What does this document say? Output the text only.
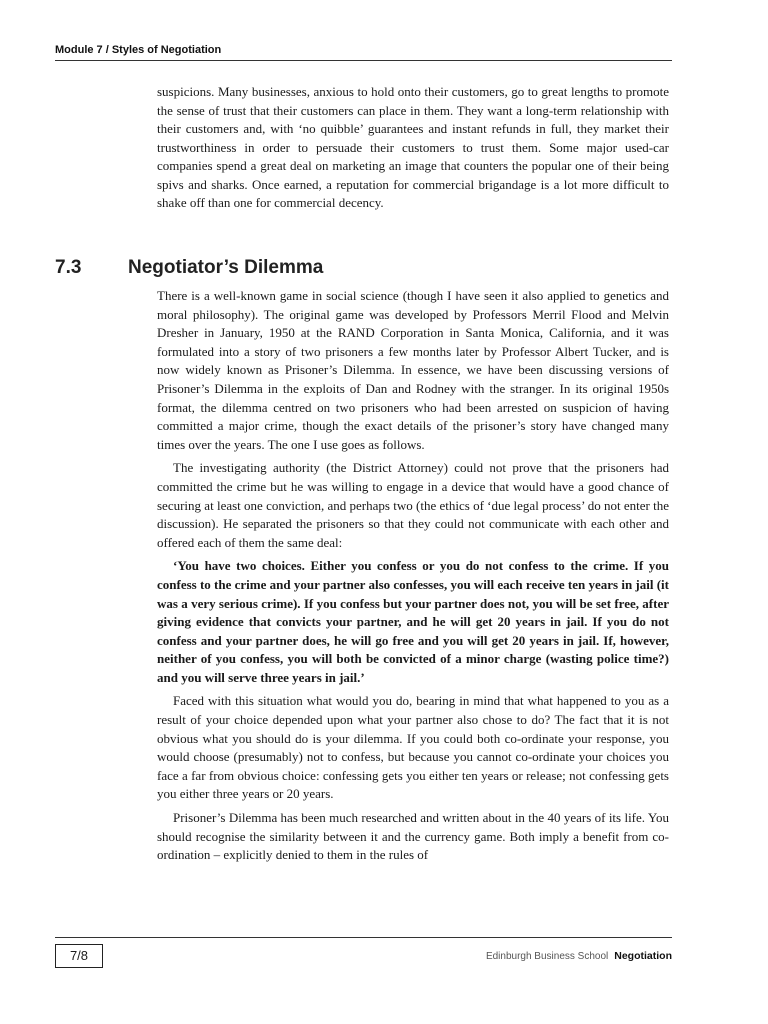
Module 7 / Styles of Negotiation

suspicions. Many businesses, anxious to hold onto their customers, go to great lengths to promote the sense of trust that their customers can place in them. They want a long-term relationship with their customers and, with ‘no quibble’ guarantees and instant refunds in full, they market their trustworthiness in order to persuade their customers to trust them. Some major used-car companies spend a great deal on marketing an image that counters the popular one of their being spivs and sharks. Once earned, a reputation for commercial brigandage is a lot more difficult to shake off than one for commercial decency.

7.3 Negotiator’s Dilemma

There is a well-known game in social science (though I have seen it also applied to genetics and moral philosophy). The original game was developed by Professors Merril Flood and Melvin Dresher in January, 1950 at the RAND Corporation in Santa Monica, California, and it was formulated into a story of two prisoners a few months later by Professor Albert Tucker, and is now widely known as Prisoner’s Dilemma. In essence, we have been discussing versions of Prisoner’s Dilemma in the exploits of Dan and Rodney with the stranger. In its original 1950s format, the dilemma centred on two prisoners who had been arrested on suspicion of having committed a major crime, though the exact details of the prisoner’s story have changed many times over the years. The one I use goes as follows.

The investigating authority (the District Attorney) could not prove that the prisoners had committed the crime but he was willing to engage in a device that would have a good chance of securing at least one conviction, and perhaps two (the ethics of ‘due legal process’ do not enter the discussion). He separated the prisoners so that they could not communicate with each other and offered each of them the same deal:

‘You have two choices. Either you confess or you do not confess to the crime. If you confess to the crime and your partner also confesses, you will each receive ten years in jail (it was a very serious crime). If you confess but your partner does not, you will be set free, after giving evidence that convicts your partner, and he will get 20 years in jail. If you do not confess and your partner does, he will go free and you will get 20 years in jail. If, however, neither of you confess, you will both be convicted of a minor charge (wasting police time?) and you will serve three years in jail.’

Faced with this situation what would you do, bearing in mind that what happened to you as a result of your choice depended upon what your partner also chose to do? The fact that it is not obvious what you should do is your dilemma. If you could both co-ordinate your response, you would choose (presumably) not to confess, but because you cannot co-ordinate your choices you face a far from obvious choice: confessing gets you either ten years or release; not confessing gets you either three years or 20 years.

Prisoner’s Dilemma has been much researched and written about in the 40 years of its life. You should recognise the similarity between it and the currency game. Both imply a benefit from co-ordination – explicitly denied to them in the rules of

7/8	Edinburgh Business School Negotiation
